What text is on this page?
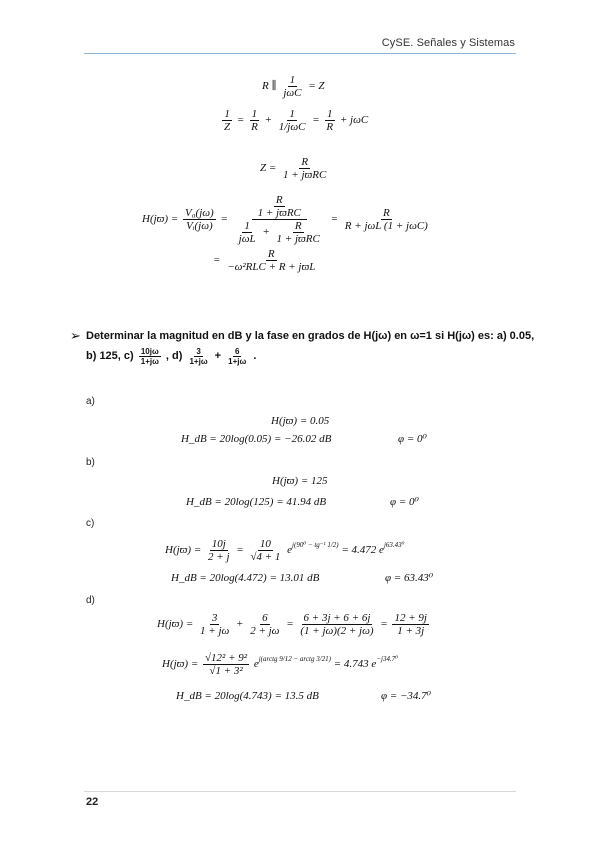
CySE. Señales y Sistemas
R ∥ $\frac{1}{\text{jωC}} = Z$
$\frac{1}{Z} = \frac{1}{R} + \frac{1}{\text{1/jωC}} = \frac{1}{R} + j\omega C$
$Z = \frac{R}{\text{1 + jϖRC}}$
$H(jϖ) = \frac{\text{V₀(jω)}}{\text{Vᵢ(jω)}} = \frac{\frac{R}{\text{1 + jϖRC}}}{\frac{1}{\text{jωL}} + \frac{R}{\text{1 + jϖRC}}} = \frac{R}{\text{R + jωL (1 + jωC)}}$
= $\frac{R}{\text{−ω²RLC + R + jϖL}}$
➢ Determinar la magnitud en dB y la fase en grados de H(jω) en ω=1 si H(jω) es: a) 0.05,
b) 125, $c) \frac{10j\omega}{1+j\omega}$ , $d) \frac{3}{1+j\omega} + \frac{6}{1+j\omega}$ .
a)
H(jϖ) = 0.05
H_dB = 20log(0.05) = −26.02 dB	φ = 0⁰
b)
H(jϖ) = 125
H_dB = 20log(125) = 41.94 dB	φ = 0⁰
c)
$H(jϖ) = \frac{10j}{2 + j} = \frac{10}{√4 + 1} e^{j(90^0 - tg^{-1} 1/2)} = 4.472$ $e^{j63.43^0}$
H_dB = 20log(4.472) = 13.01 dB	φ = 63.43⁰
d)
$H(jϖ) = \frac{3}{1 + j\omega} + \frac{6}{2 + j\omega} = \frac{6 + 3j + 6 + 6j}{(1 + j\omega)(2 + j\omega)} = \frac{12 + 9j}{1 + 3j}$
$H(jϖ) = \frac{\text{√12² + 9²}}{\text{√1 + 3²}} e^{j(arctg 9/12 - arctg 3/21)} = 4.743$ $e^{-j34.7^0}$
H_dB = 20log(4.743) = 13.5 dB	φ = −34.7⁰
22
